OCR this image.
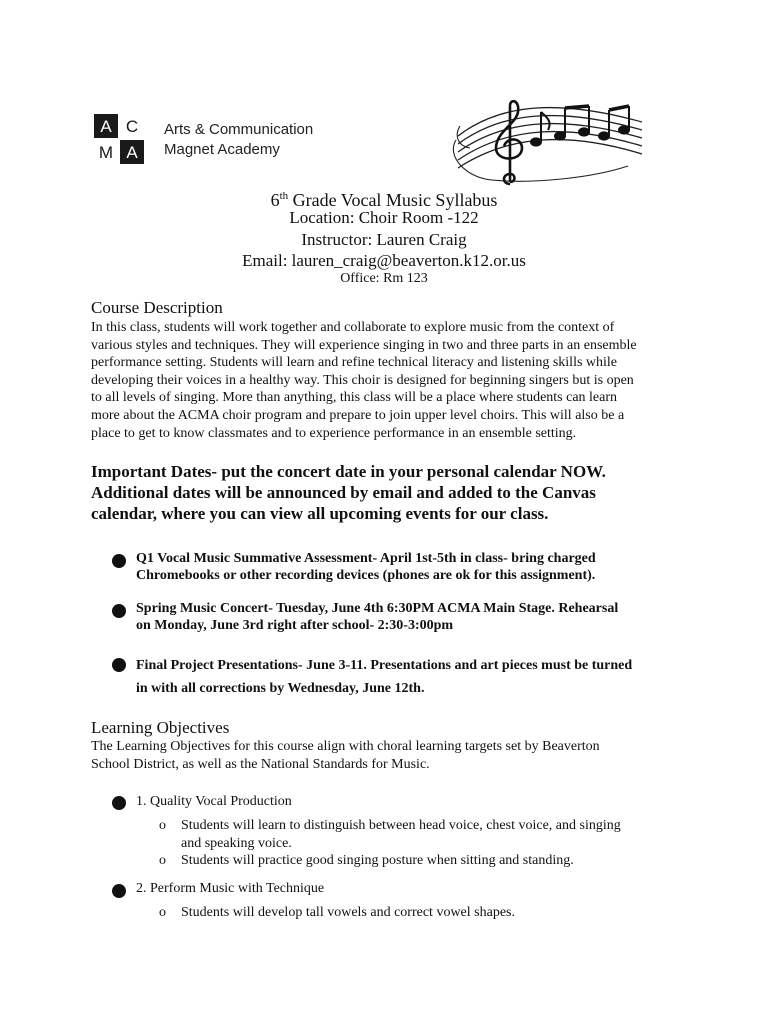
A C
M A
Arts & Communication
Magnet Academy
6th Grade Vocal Music Syllabus
Location: Choir Room -122
Instructor: Lauren Craig
Email: lauren_craig@beaverton.k12.or.us
Office: Rm 123
Course Description
In this class, students will work together and collaborate to explore music from the context of
various styles and techniques. They will experience singing in two and three parts in an ensemble
performance setting. Students will learn and refine technical literacy and listening skills while
developing their voices in a healthy way. This choir is designed for beginning singers but is open
to all levels of singing. More than anything, this class will be a place where students can learn
more about the ACMA choir program and prepare to join upper level choirs. This will also be a
place to get to know classmates and to experience performance in an ensemble setting.
Important Dates- put the concert date in your personal calendar NOW.
Additional dates will be announced by email and added to the Canvas
calendar, where you can view all upcoming events for our class.
Q1 Vocal Music Summative Assessment- April 1st-5th in class- bring charged
Chromebooks or other recording devices (phones are ok for this assignment).
Spring Music Concert- Tuesday, June 4th 6:30PM ACMA Main Stage. Rehearsal
on Monday, June 3rd right after school- 2:30-3:00pm
Final Project Presentations- June 3-11. Presentations and art pieces must be turned
in with all corrections by Wednesday, June 12th.
Learning Objectives
The Learning Objectives for this course align with choral learning targets set by Beaverton
School District, as well as the National Standards for Music.
1. Quality Vocal Production
o Students will learn to distinguish between head voice, chest voice, and singing
and speaking voice.
o Students will practice good singing posture when sitting and standing.
2. Perform Music with Technique
o Students will develop tall vowels and correct vowel shapes.
